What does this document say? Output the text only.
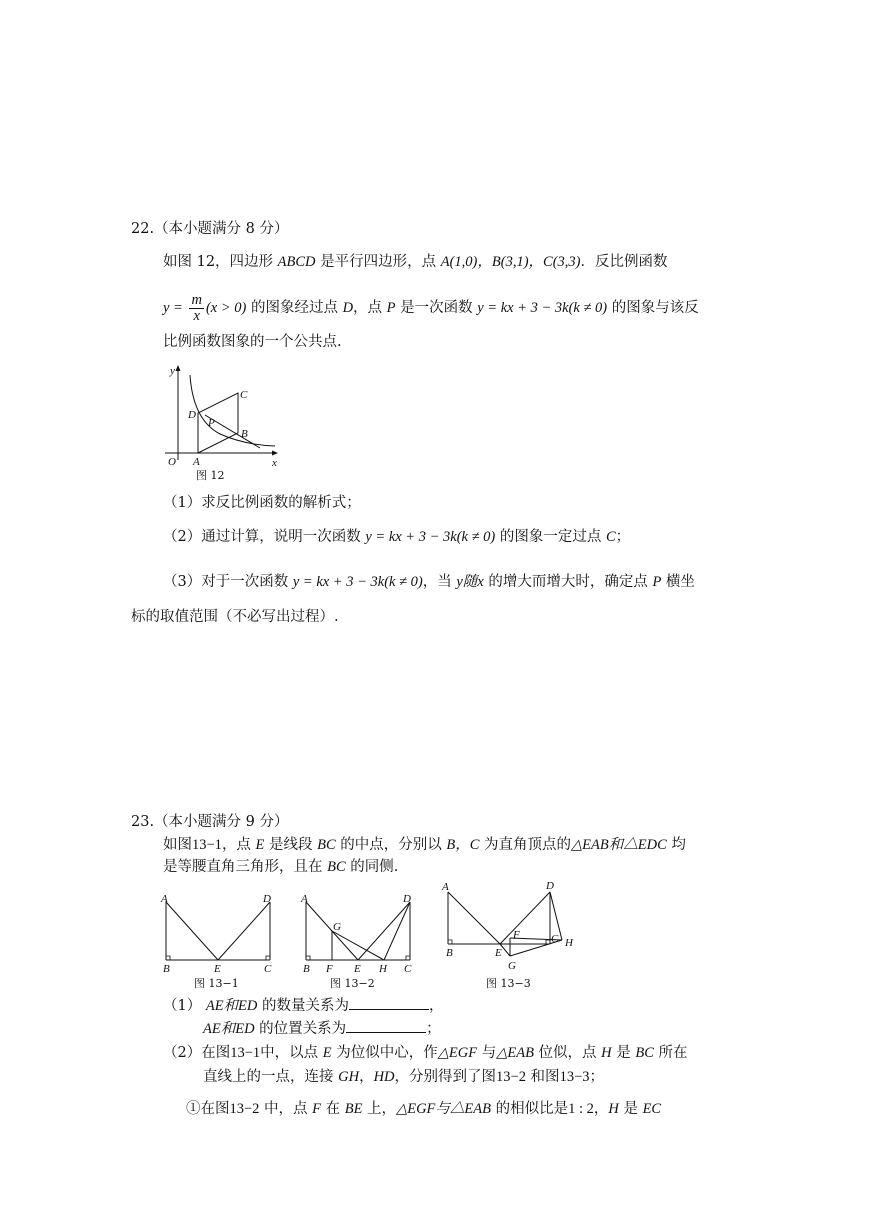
22.（本小题满分 8 分）
如图 12，四边形 ABCD 是平行四边形，点 A(1,0)，B(3,1)，C(3,3)．反比例函数
$y = \frac{m}{x} (x > 0)$ 的图象经过点 D，点 P 是一次函数 y = kx + 3 − 3k(k ≠ 0) 的图象与该反
比例函数图象的一个公共点.
y
x
O A
B
C
D
P
图 12
（1）求反比例函数的解析式；
（2）通过计算，说明一次函数 y = kx + 3 − 3k(k ≠ 0) 的图象一定过点 C；
（3）对于一次函数 y = kx + 3 − 3k(k ≠ 0)，当 y随x 的增大而增大时，确定点 P 横坐
标的取值范围（不必写出过程）.
23.（本小题满分 9 分）
如图13−1，点 E 是线段 BC 的中点，分别以 B，C 为直角顶点的△EAB和△EDC 均
是等腰直角三角形，且在 BC 的同侧.
A	D
B	E	C
图 13−1
A	D
G
B F E H C
图 13−2
A	D
B	E
F	C H
G
图 13−3
（1） AE和ED 的数量关系为	，
AE和ED 的位置关系为	；
（2）在图13−1中，以点 E 为位似中心，作△EGF 与△EAB 位似，点 H 是 BC 所在
直线上的一点，连接 GH，HD，分别得到了图13−2 和图13−3；
①在图13−2 中，点 F 在 BE 上，△EGF与△EAB 的相似比是1 : 2，H 是 EC
